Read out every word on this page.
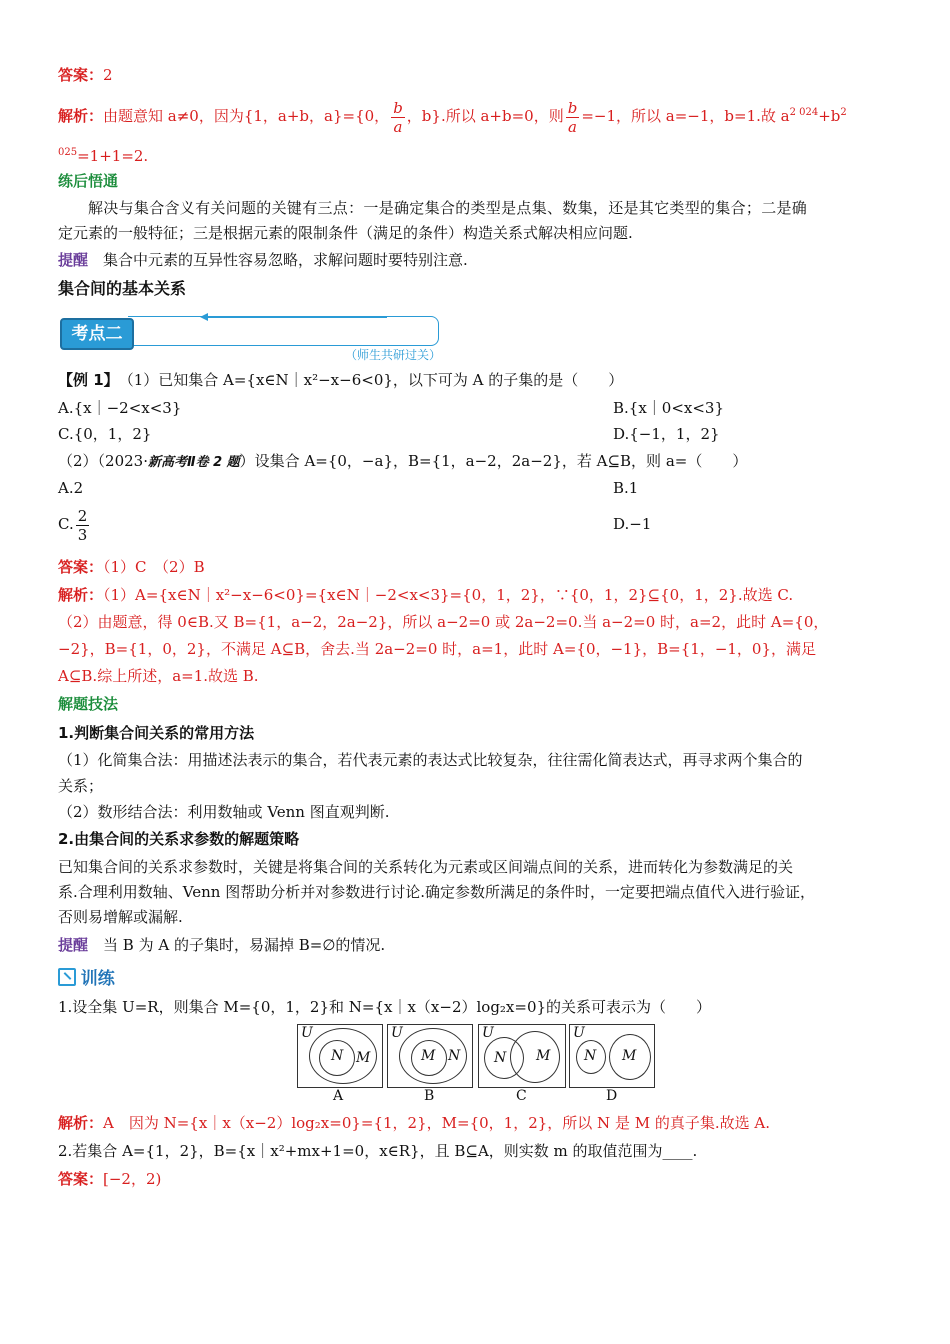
答案：2
解析：由题意知 a≠0，因为{1，a+b，a}={0， $\frac{b}{a}$ ，b}.所以 a+b=0，则 $\frac{b}{a} =-1$，所以 a=−1，b=1.故 $a^{2 024}+b^2$
$^{025}$=1+1=2.
练后悟通
解决与集合含义有关问题的关键有三点：一是确定集合的类型是点集、数集，还是其它类型的集合；二是确
定元素的一般特征；三是根据元素的限制条件（满足的条件）构造关系式解决相应问题.
提醒　 集合中元素的互异性容易忽略，求解问题时要特别注意.
集合间的基本关系
考点二
（师生共研过关）
【例 1】　 （1）已知集合 A={x∈N｜x²−x−6<0}，以下可为 A 的子集的是（　　）
A.{x｜−2<x<3}	B.{x｜0<x<3}
C.{0，1，2}	D.{−1，1，2}
（2）（2023·新高考Ⅱ卷 2 题）设集合 A={0，−a}，B={1，a−2，2a−2}，若 A⊆B，则 a=（　　）
A.2	B.1
C. $\frac{2}{3}$	D.−1
答案：（1）C　（2）B
解析：（1）A={x∈N｜x²−x−6<0}={x∈N｜−2<x<3}={0，1，2}，∵{0，1，2}⊆{0，1，2}.故选 C.
（2）由题意，得 0∈B.又 B={1，a−2，2a−2}，所以 a−2=0 或 2a−2=0.当 a−2=0 时，a=2，此时 A={0，
−2}，B={1，0，2}，不满足 A⊆B，舍去.当 2a−2=0 时，a=1，此时 A={0，−1}，B={1，−1，0}，满足
A⊆B.综上所述，a=1.故选 B.
解题技法
1.判断集合间关系的常用方法
（1）化简集合法：用描述法表示的集合，若代表元素的表达式比较复杂，往往需化简表达式，再寻求两个集合的
关系；
（2）数形结合法：利用数轴或 Venn 图直观判断.
2.由集合间的关系求参数的解题策略
已知集合间的关系求参数时，关键是将集合间的关系转化为元素或区间端点间的关系，进而转化为参数满足的关
系.合理利用数轴、Venn 图帮助分析并对参数进行讨论.确定参数所满足的条件时，一定要把端点值代入进行验证，
否则易增解或漏解.
提醒　 当 B 为 A 的子集时，易漏掉 B=∅的情况.
训练
1.设全集 U=R，则集合 M={0，1，2}和 N={x｜x（x−2）log₂x=0}的关系可表示为（　　）
U
N M
A
U
M N
B
U
N M
C
U
N M
D
解析：A　因为 N={x｜x（x−2）log₂x=0}={1，2}，M={0，1，2}，所以 N 是 M 的真子集.故选 A.
2.若集合 A={1，2}，B={x｜x²+mx+1=0，x∈R}，且 B⊆A，则实数 m 的取值范围为____.
答案：[−2，2)
